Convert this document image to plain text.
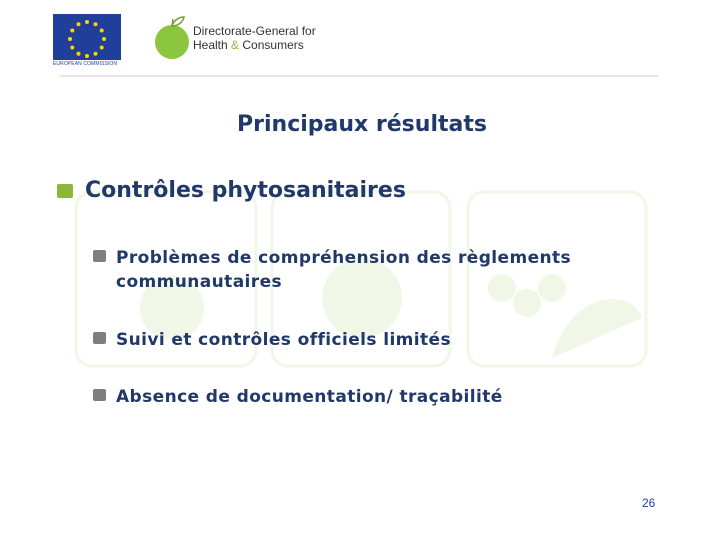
EUROPEAN COMMISSION
Directorate-General for
Health & Consumers
Principaux résultats
Contrôles phytosanitaires
Problèmes de compréhension des règlements
communautaires
Suivi et contrôles officiels limités
Absence de documentation/ traçabilité
26
